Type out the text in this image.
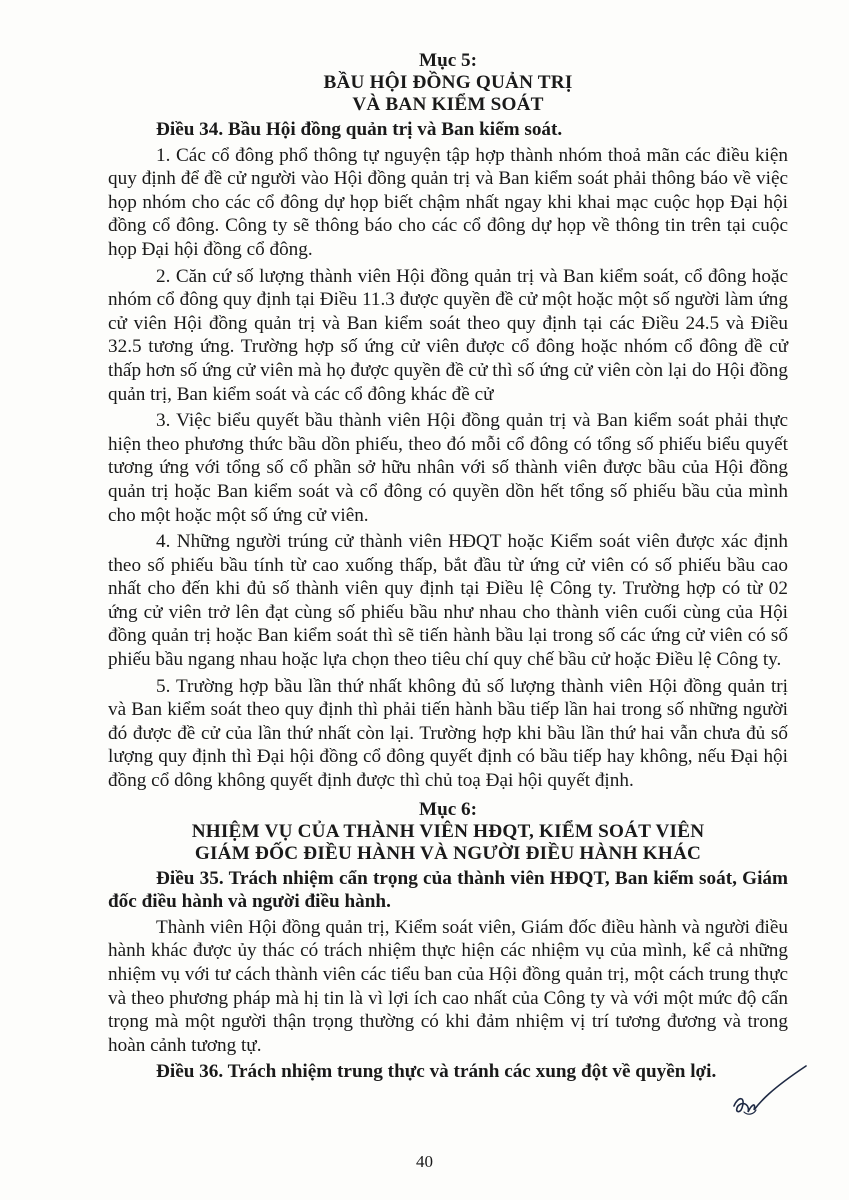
Mục 5:
BẦU HỘI ĐỒNG QUẢN TRỊ
VÀ BAN KIỂM SOÁT
Điều 34. Bầu Hội đồng quản trị và Ban kiểm soát.

1. Các cổ đông phổ thông tự nguyện tập hợp thành nhóm thoả mãn các điều kiện quy định để đề cử người vào Hội đồng quản trị và Ban kiểm soát phải thông báo về việc họp nhóm cho các cổ đông dự họp biết chậm nhất ngay khi khai mạc cuộc họp Đại hội đồng cổ đông. Công ty sẽ thông báo cho các cổ đông dự họp về thông tin trên tại cuộc họp Đại hội đồng cổ đông.

2. Căn cứ số lượng thành viên Hội đồng quản trị và Ban kiểm soát, cổ đông hoặc nhóm cổ đông quy định tại Điều 11.3 được quyền đề cử một hoặc một số người làm ứng cử viên Hội đồng quản trị và Ban kiểm soát theo quy định tại các Điều 24.5 và Điều 32.5 tương ứng. Trường hợp số ứng cử viên được cổ đông hoặc nhóm cổ đông đề cử thấp hơn số ứng cử viên mà họ được quyền đề cử thì số ứng cử viên còn lại do Hội đồng quản trị, Ban kiểm soát và các cổ đông khác đề cử

3. Việc biểu quyết bầu thành viên Hội đồng quản trị và Ban kiểm soát phải thực hiện theo phương thức bầu dồn phiếu, theo đó mỗi cổ đông có tổng số phiếu biểu quyết tương ứng với tổng số cổ phần sở hữu nhân với số thành viên được bầu của Hội đồng quản trị hoặc Ban kiểm soát và cổ đông có quyền dồn hết tổng số phiếu bầu của mình cho một hoặc một số ứng cử viên.

4. Những người trúng cử thành viên HĐQT hoặc Kiểm soát viên được xác định theo số phiếu bầu tính từ cao xuống thấp, bắt đầu từ ứng cử viên có số phiếu bầu cao nhất cho đến khi đủ số thành viên quy định tại Điều lệ Công ty. Trường hợp có từ 02 ứng cử viên trở lên đạt cùng số phiếu bầu như nhau cho thành viên cuối cùng của Hội đồng quản trị hoặc Ban kiểm soát thì sẽ tiến hành bầu lại trong số các ứng cử viên có số phiếu bầu ngang nhau hoặc lựa chọn theo tiêu chí quy chế bầu cử hoặc Điều lệ Công ty.

5. Trường hợp bầu lần thứ nhất không đủ số lượng thành viên Hội đồng quản trị và Ban kiểm soát theo quy định thì phải tiến hành bầu tiếp lần hai trong số những người đó được đề cử của lần thứ nhất còn lại. Trường hợp khi bầu lần thứ hai vẫn chưa đủ số lượng quy định thì Đại hội đồng cổ đông quyết định có bầu tiếp hay không, nếu Đại hội đồng cổ dông không quyết định được thì chủ toạ Đại hội quyết định.

Mục 6:
NHIỆM VỤ CỦA THÀNH VIÊN HĐQT, KIỂM SOÁT VIÊN
GIÁM ĐỐC ĐIỀU HÀNH VÀ NGƯỜI ĐIỀU HÀNH KHÁC
Điều 35. Trách nhiệm cẩn trọng của thành viên HĐQT, Ban kiểm soát, Giám đốc điều hành và người điều hành.

Thành viên Hội đồng quản trị, Kiểm soát viên, Giám đốc điều hành và người điều hành khác được ủy thác có trách nhiệm thực hiện các nhiệm vụ của mình, kể cả những nhiệm vụ với tư cách thành viên các tiểu ban của Hội đồng quản trị, một cách trung thực và theo phương pháp mà hị tin là vì lợi ích cao nhất của Công ty và với một mức độ cẩn trọng mà một người thận trọng thường có khi đảm nhiệm vị trí tương đương và trong hoàn cảnh tương tự.

Điều 36. Trách nhiệm trung thực và tránh các xung đột về quyền lợi.
40
